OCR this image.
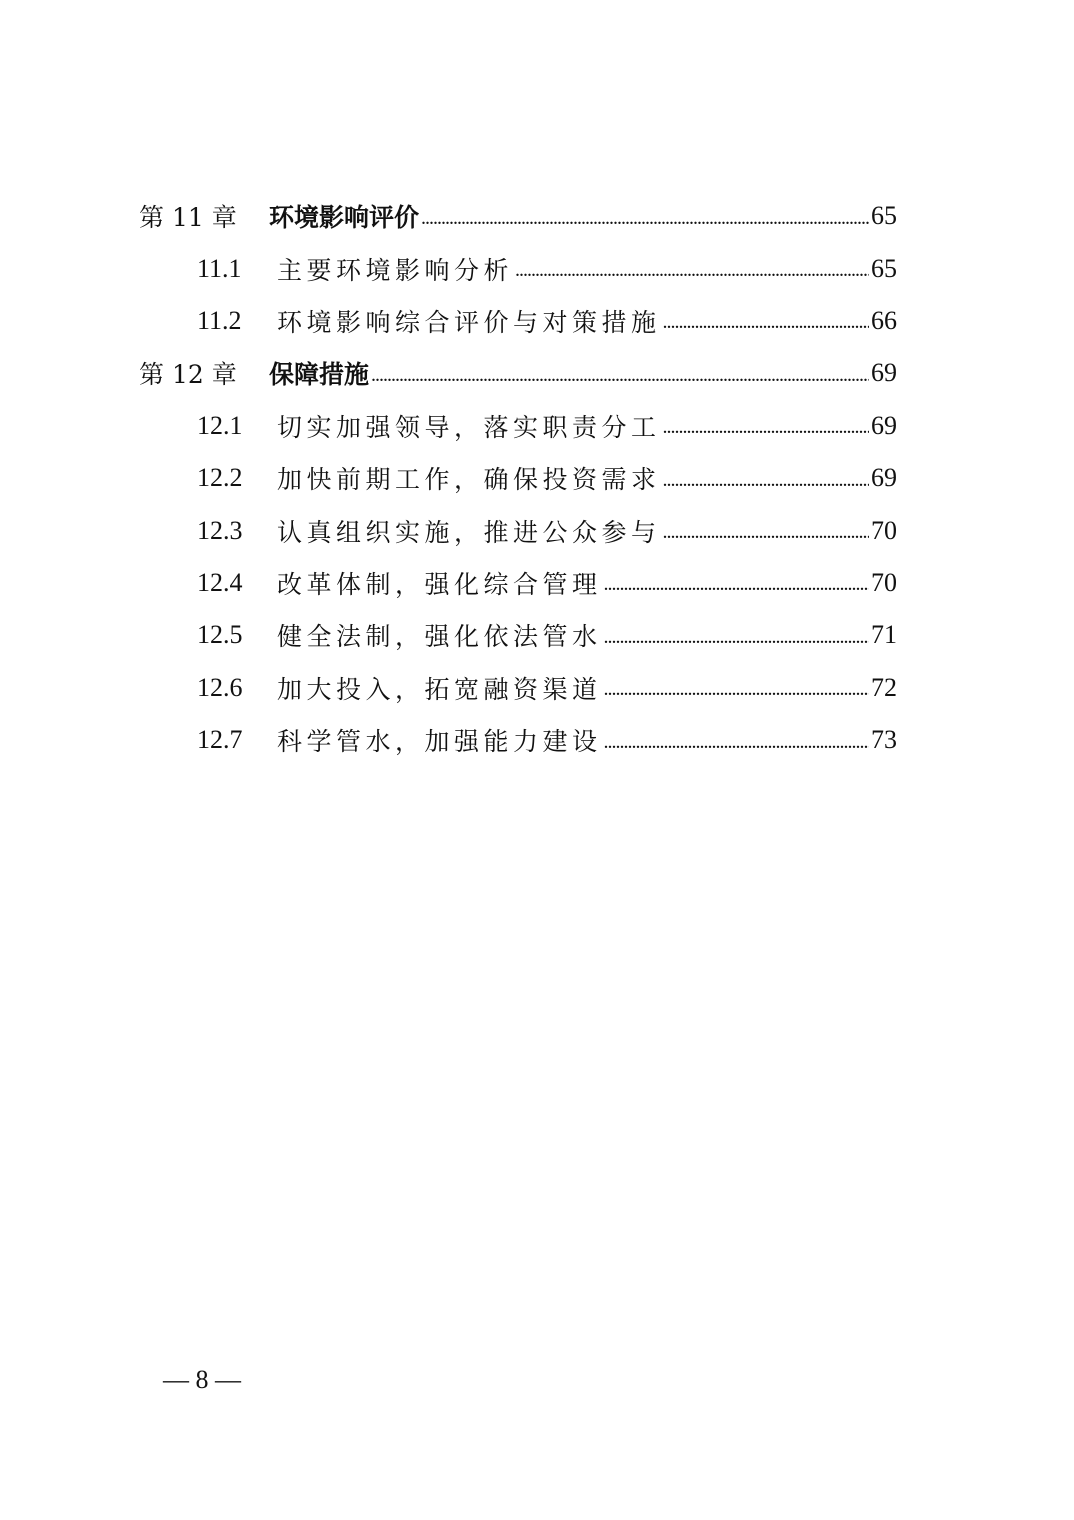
第 11 章	环境影响评价 . . .	65
11.1	主要环境影响分析 . . .	65
11.2	环境影响综合评价与对策措施 . . .	66
第 12 章	保障措施 . . .	69
12.1	切实加强领导，落实职责分工 . . .	69
12.2	加快前期工作，确保投资需求 . . .	69
12.3	认真组织实施，推进公众参与 . . .	70
12.4	改革体制，强化综合管理 . . .	70
12.5	健全法制，强化依法管水 . . .	71
12.6	加大投入，拓宽融资渠道 . . .	72
12.7	科学管水，加强能力建设 . . .	73
— 8 —
